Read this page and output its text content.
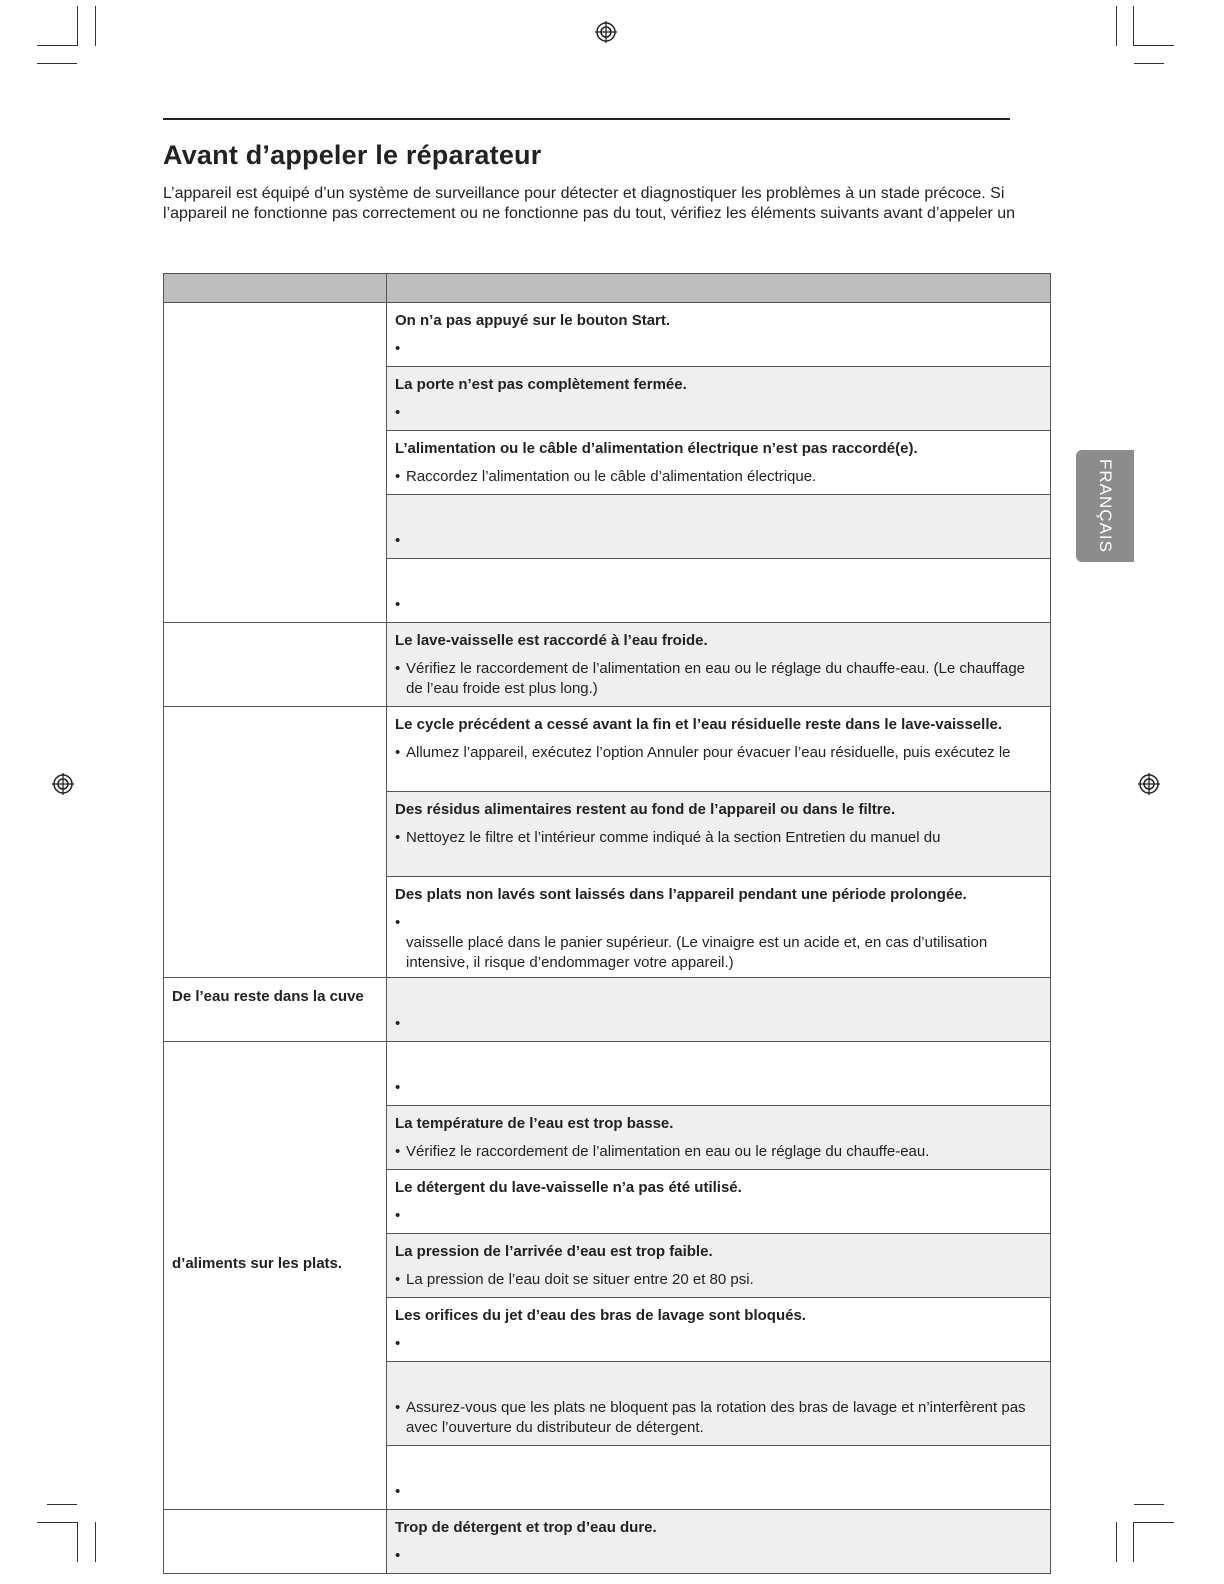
Avant d’appeler le réparateur
L’appareil est équipé d’un système de surveillance pour détecter et diagnostiquer les problèmes à un stade précoce. Si
l’appareil ne fonctionne pas correctement ou ne fonctionne pas du tout, vérifiez les éléments suivants avant d’appeler un
FRANÇAIS

	On n’a pas appuyé sur le bouton Start.
•

	La porte n’est pas complètement fermée.
•

	L’alimentation ou le câble d’alimentation électrique n’est pas raccordé(e).
• Raccordez l’alimentation ou le câble d’alimentation électrique.

	•

	•

	Le lave-vaisselle est raccordé à l’eau froide.
• Vérifiez le raccordement de l’alimentation en eau ou le réglage du chauffe-eau. (Le chauffage de l’eau froide est plus long.)

	Le cycle précédent a cessé avant la fin et l’eau résiduelle reste dans le lave-vaisselle.
• Allumez l’appareil, exécutez l’option Annuler pour évacuer l’eau résiduelle, puis exécutez le

	Des résidus alimentaires restent au fond de l’appareil ou dans le filtre.
• Nettoyez le filtre et l’intérieur comme indiqué à la section Entretien du manuel du

	Des plats non lavés sont laissés dans l’appareil pendant une période prolongée.
•
vaisselle placé dans le panier supérieur. (Le vinaigre est un acide et, en cas d’utilisation intensive, il risque d’endommager votre appareil.)

De l’eau reste dans la cuve	•

d’aliments sur les plats.	•

	La température de l’eau est trop basse.
• Vérifiez le raccordement de l’alimentation en eau ou le réglage du chauffe-eau.

	Le détergent du lave-vaisselle n’a pas été utilisé.
•

	La pression de l’arrivée d’eau est trop faible.
• La pression de l’eau doit se situer entre 20 et 80 psi.

	Les orifices du jet d’eau des bras de lavage sont bloqués.
•

	• Assurez-vous que les plats ne bloquent pas la rotation des bras de lavage et n’interfèrent pas avec l’ouverture du distributeur de détergent.

	•

	Trop de détergent et trop d’eau dure.
•
